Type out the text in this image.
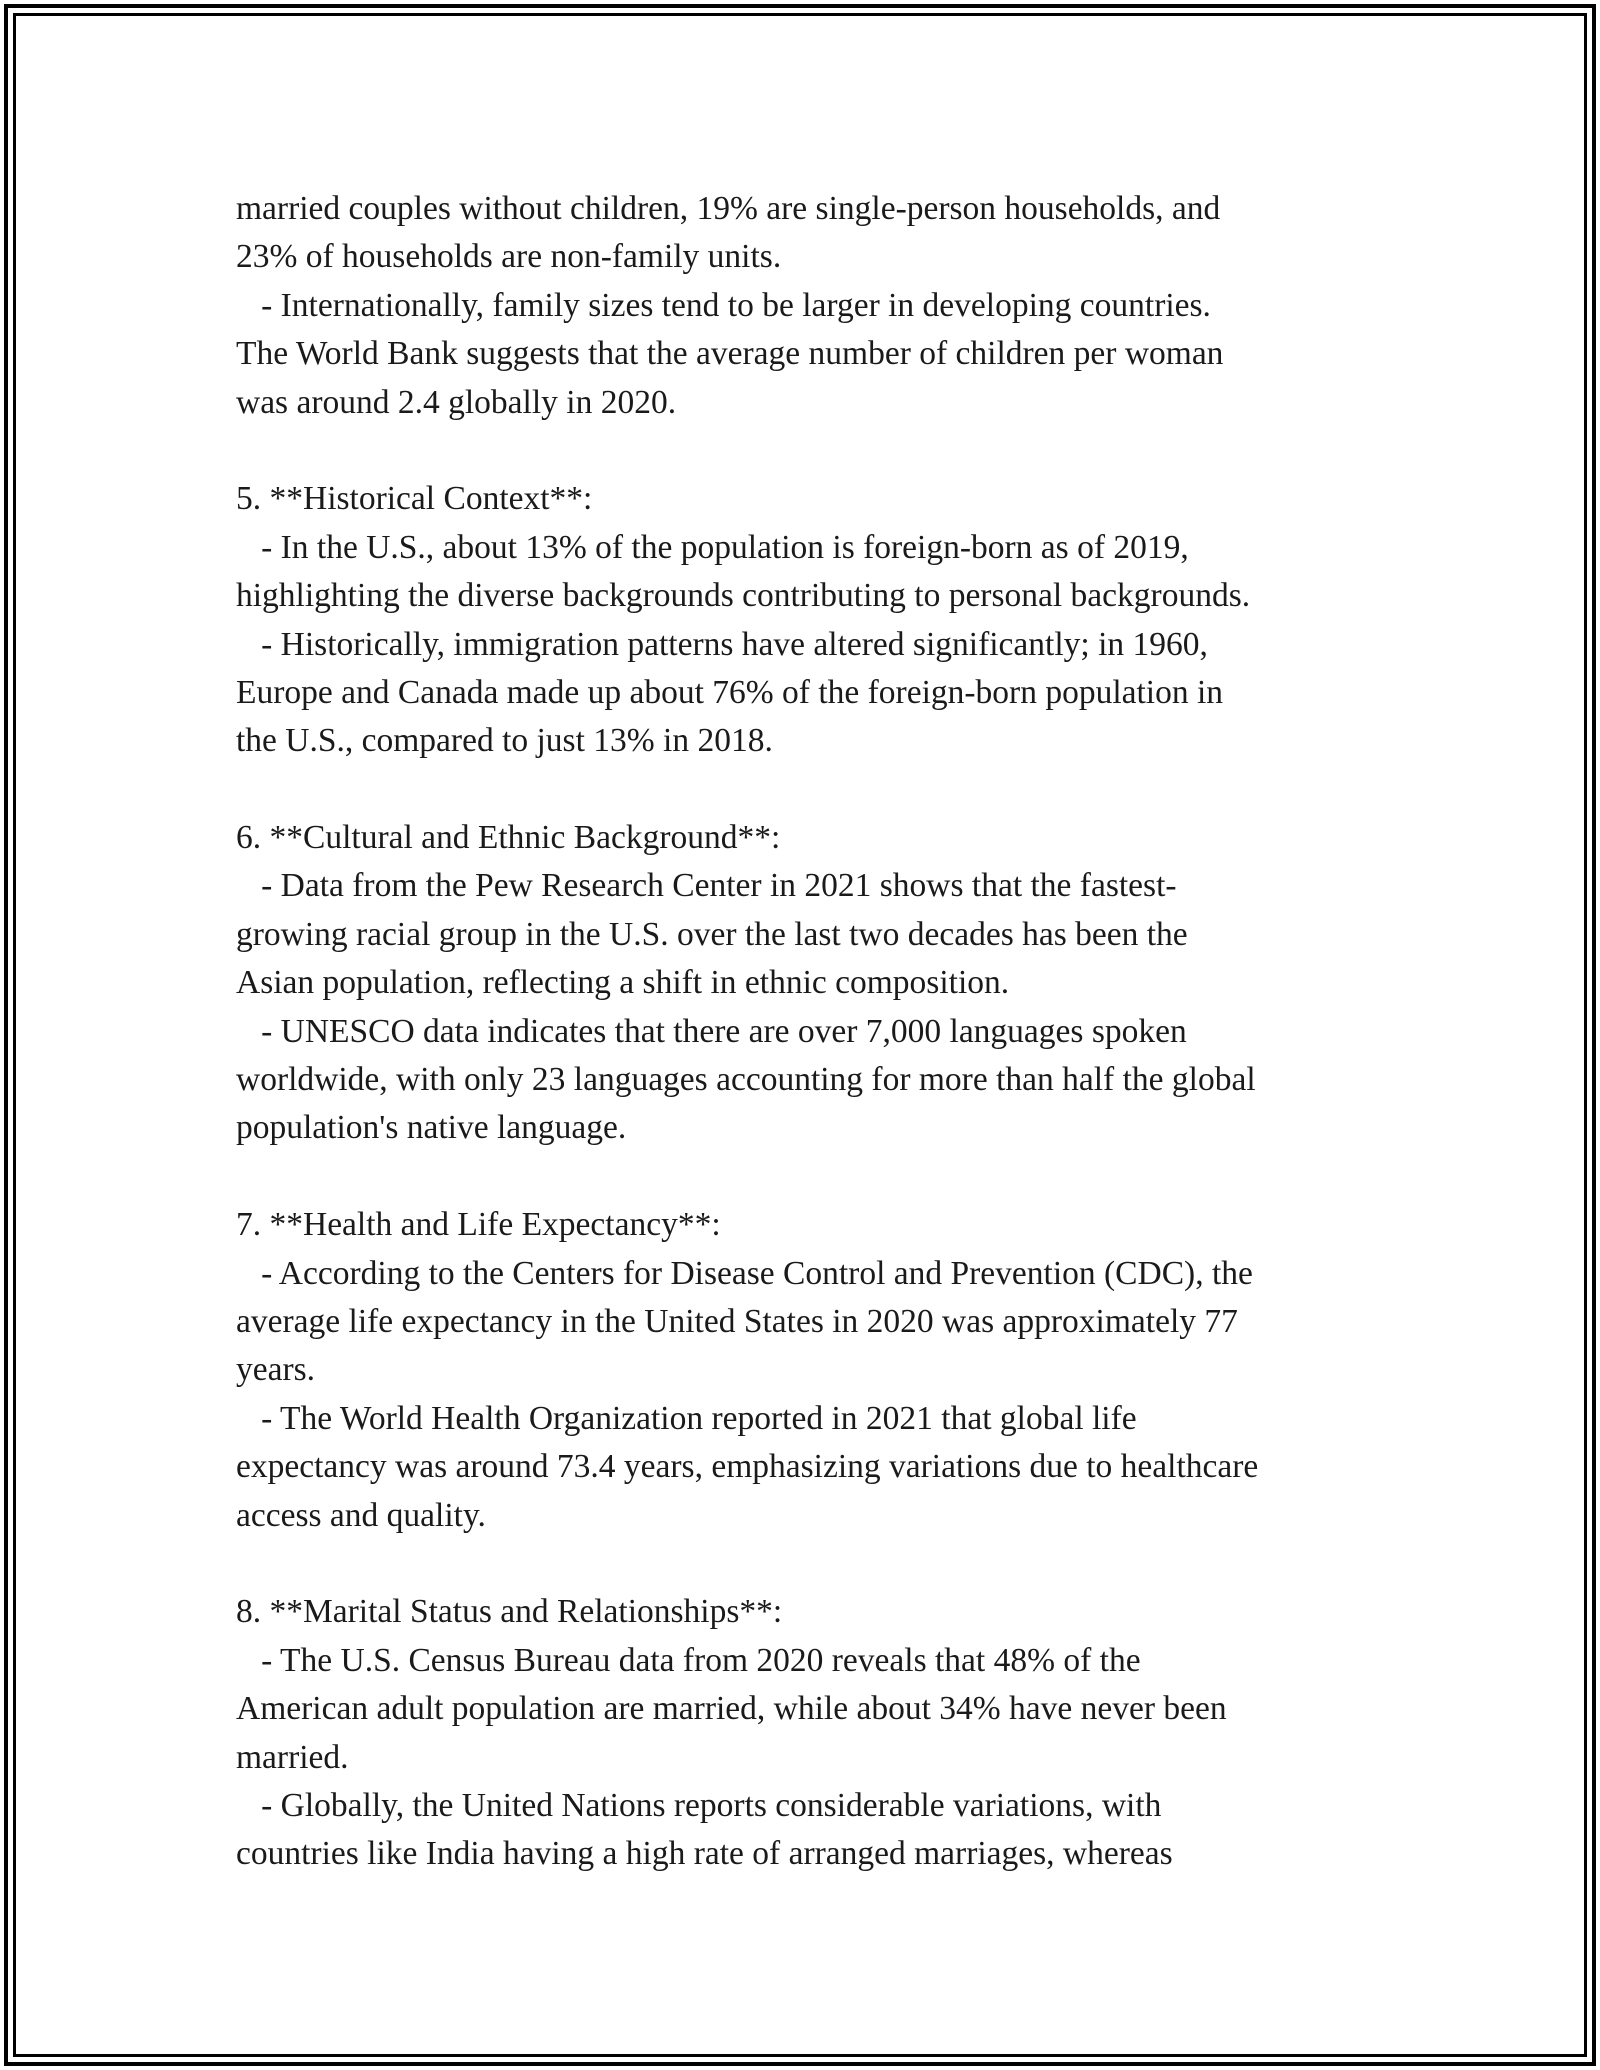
married couples without children, 19% are single-person households, and
23% of households are non-family units.
- Internationally, family sizes tend to be larger in developing countries.
The World Bank suggests that the average number of children per woman
was around 2.4 globally in 2020.
5. **Historical Context**:
- In the U.S., about 13% of the population is foreign-born as of 2019,
highlighting the diverse backgrounds contributing to personal backgrounds.
- Historically, immigration patterns have altered significantly; in 1960,
Europe and Canada made up about 76% of the foreign-born population in
the U.S., compared to just 13% in 2018.
6. **Cultural and Ethnic Background**:
- Data from the Pew Research Center in 2021 shows that the fastest-
growing racial group in the U.S. over the last two decades has been the
Asian population, reflecting a shift in ethnic composition.
- UNESCO data indicates that there are over 7,000 languages spoken
worldwide, with only 23 languages accounting for more than half the global
population's native language.
7. **Health and Life Expectancy**:
- According to the Centers for Disease Control and Prevention (CDC), the
average life expectancy in the United States in 2020 was approximately 77
years.
- The World Health Organization reported in 2021 that global life
expectancy was around 73.4 years, emphasizing variations due to healthcare
access and quality.
8. **Marital Status and Relationships**:
- The U.S. Census Bureau data from 2020 reveals that 48% of the
American adult population are married, while about 34% have never been
married.
- Globally, the United Nations reports considerable variations, with
countries like India having a high rate of arranged marriages, whereas
